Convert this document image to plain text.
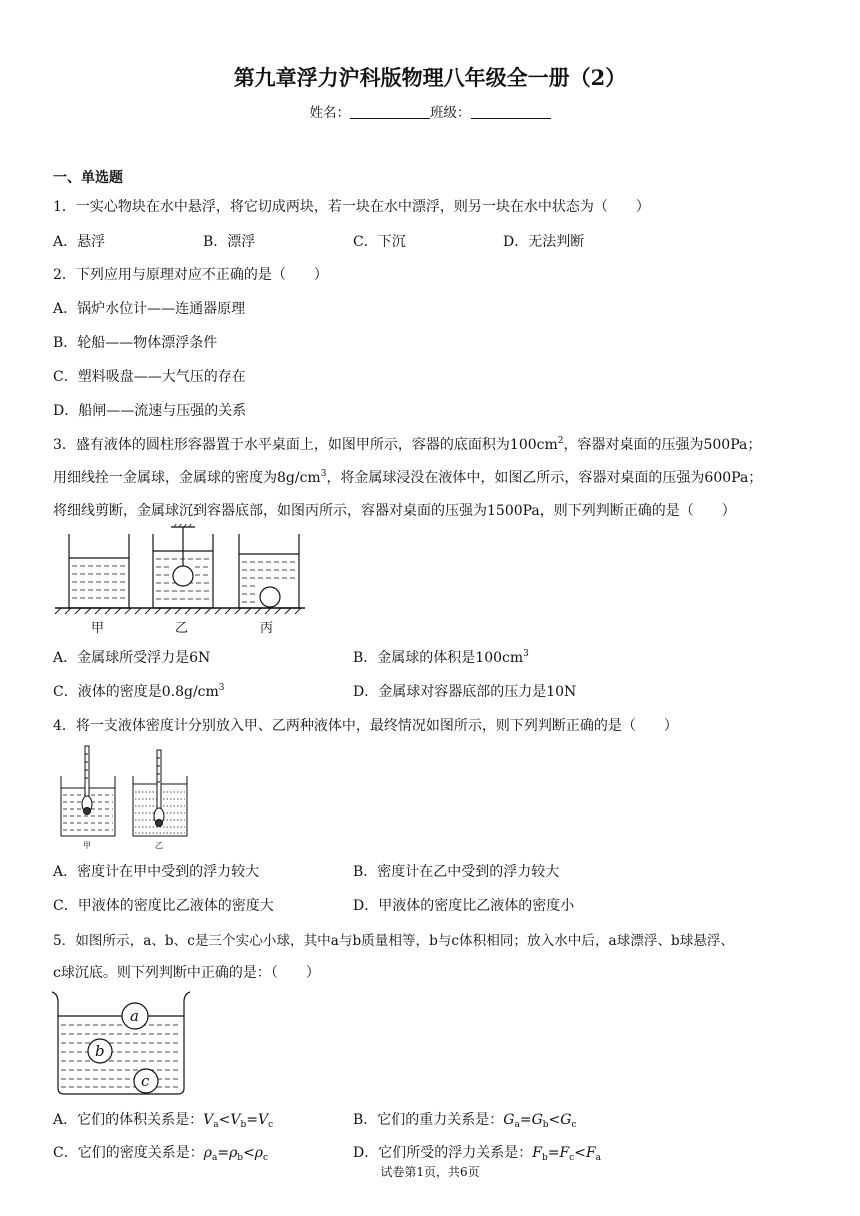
第九章浮力沪科版物理八年级全一册（2）
姓名：	班级：
一、单选题
1．一实心物块在水中悬浮，将它切成两块，若一块在水中漂浮，则另一块在水中状态为（　　）
A．悬浮	B．漂浮	C．下沉	D．无法判断
2．下列应用与原理对应不正确的是（　　）
A．锅炉水位计——连通器原理
B．轮船——物体漂浮条件
C．塑料吸盘——大气压的存在
D．船闸——流速与压强的关系
3．盛有液体的圆柱形容器置于水平桌面上，如图甲所示，容器的底面积为$100cm^2$，容器对桌面的压强为500Pa；
用细线拴一金属球，金属球的密度为$8g/cm^3$，将金属球浸没在液体中，如图乙所示，容器对桌面的压强为600Pa；
将细线剪断，金属球沉到容器底部，如图丙所示，容器对桌面的压强为1500Pa，则下列判断正确的是（　　）
甲	乙	丙
A．金属球所受浮力是6N	B．金属球的体积是$100cm^3$
C．液体的密度是$0.8g/cm^3$	D．金属球对容器底部的压力是10N
4．将一支液体密度计分别放入甲、乙两种液体中，最终情况如图所示，则下列判断正确的是（　　）
甲	乙
A．密度计在甲中受到的浮力较大	B．密度计在乙中受到的浮力较大
C．甲液体的密度比乙液体的密度大	D．甲液体的密度比乙液体的密度小
5．如图所示，a、b、c是三个实心小球，其中a与b质量相等，b与c体积相同；放入水中后，a球漂浮、b球悬浮、
c球沉底。则下列判断中正确的是：（　　）
a
b
c
A．它们的体积关系是：$V_a<V_b=V_c$	B．它们的重力关系是：$G_a=G_b<G_c$
C．它们的密度关系是：$\rho_a=\rho_b<\rho_c$	D．它们所受的浮力关系是：$F_b=F_c<F_a$
试卷第1页，共6页
